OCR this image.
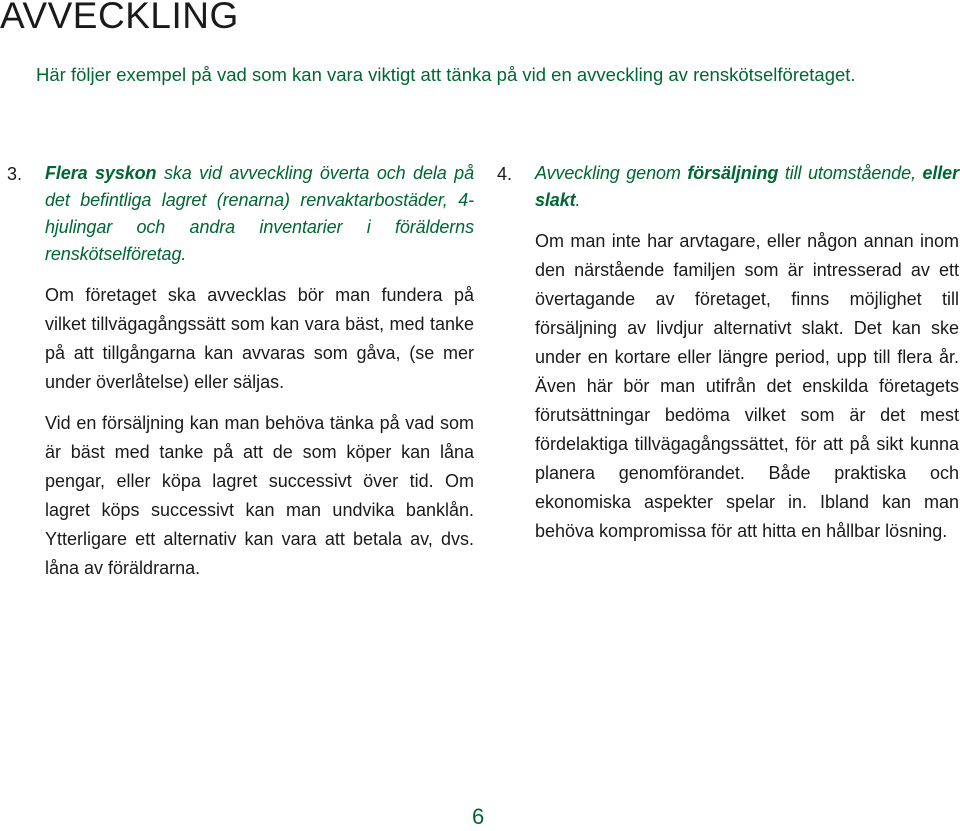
AVVECKLING
Här följer exempel på vad som kan vara viktigt att tänka på vid en avveckling av renskötselföretaget.
3. Flera syskon ska vid avveckling överta och dela på det befintliga lagret (renarna) renvaktarbostäder, 4-hjulingar och andra inventarier i förälderns renskötselföretag.

Om företaget ska avvecklas bör man fundera på vilket tillvägagångssätt som kan vara bäst, med tanke på att tillgångarna kan avvaras som gåva, (se mer under överlåtelse) eller säljas.

Vid en försäljning kan man behöva tänka på vad som är bäst med tanke på att de som köper kan låna pengar, eller köpa lagret successivt över tid. Om lagret köps successivt kan man undvika banklån. Ytterligare ett alternativ kan vara att betala av, dvs. låna av föräldrarna.

4. Avveckling genom försäljning till utomstående, eller slakt.

Om man inte har arvtagare, eller någon annan inom den närstående familjen som är intresserad av ett övertagande av företaget, finns möjlighet till försäljning av livdjur alternativt slakt. Det kan ske under en kortare eller längre period, upp till flera år. Även här bör man utifrån det enskilda företagets förutsättningar bedöma vilket som är det mest fördelaktiga tillvägagångssättet, för att på sikt kunna planera genomförandet. Både praktiska och ekonomiska aspekter spelar in. Ibland kan man behöva kompromissa för att hitta en hållbar lösning.

6
